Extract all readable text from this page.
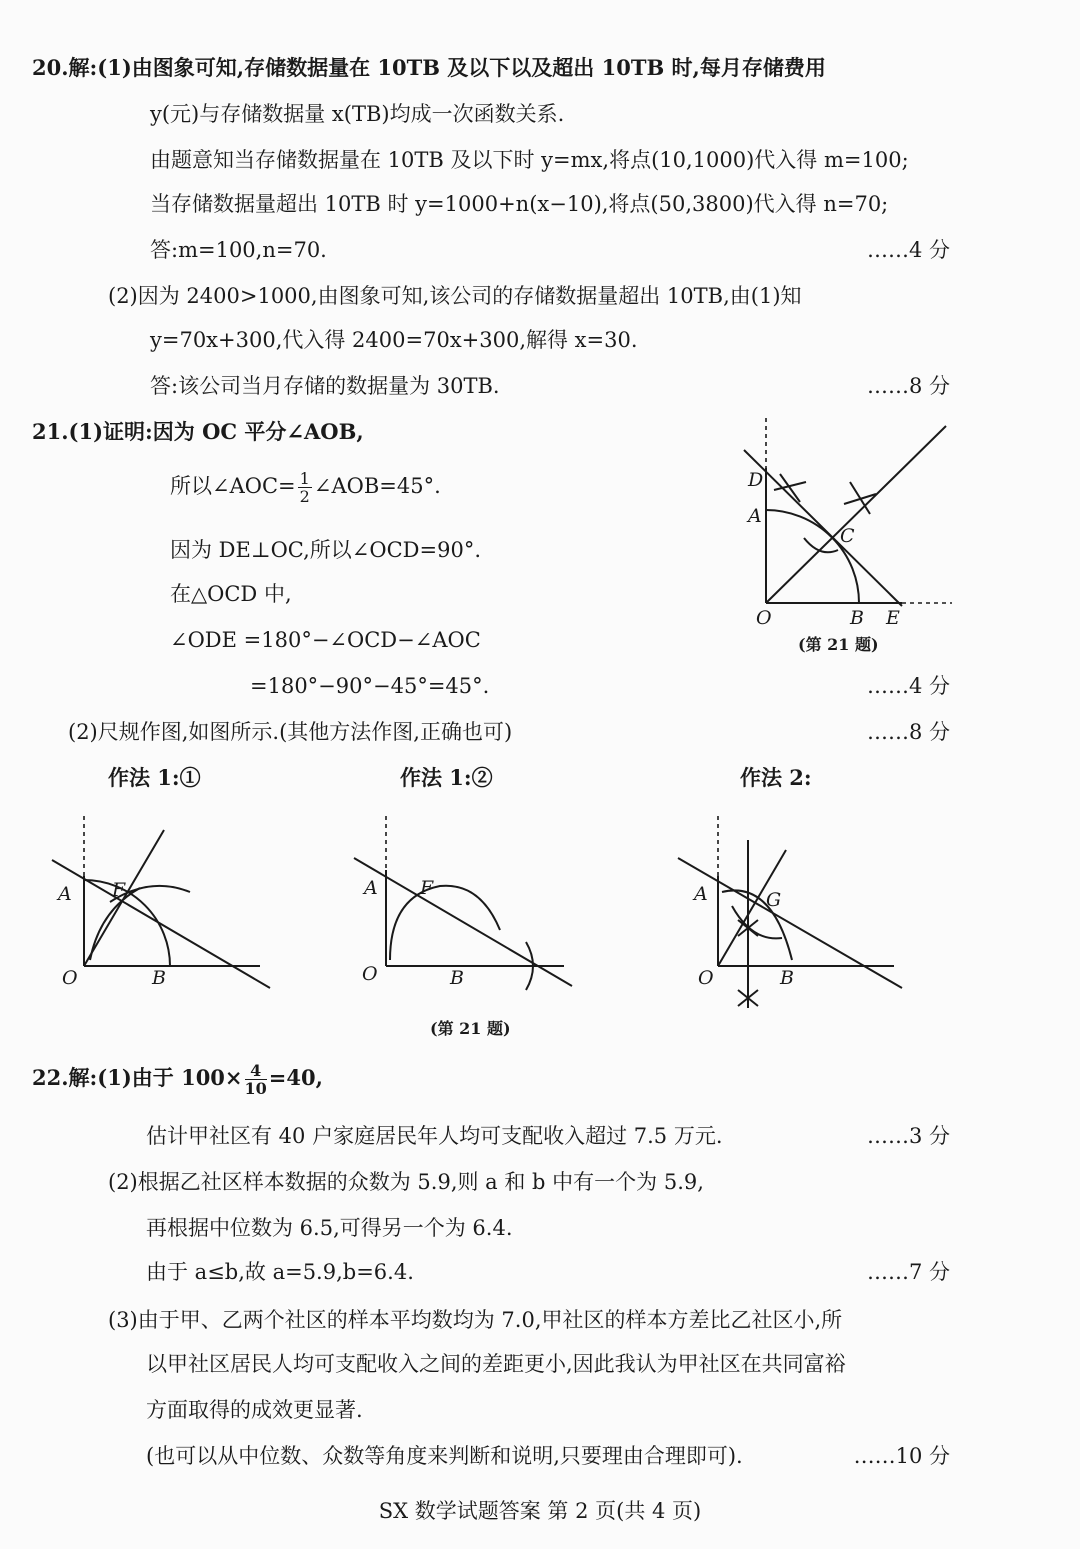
20.解:(1)由图象可知,存储数据量在 10TB 及以下以及超出 10TB 时,每月存储费用
y(元)与存储数据量 x(TB)均成一次函数关系.
由题意知当存储数据量在 10TB 及以下时 y=mx,将点(10,1000)代入得 m=100;
当存储数据量超出 10TB 时 y=1000+n(x−10),将点(50,3800)代入得 n=70;
答:m=100,n=70.	……4 分
(2)因为 2400>1000,由图象可知,该公司的存储数据量超出 10TB,由(1)知
y=70x+300,代入得 2400=70x+300,解得 x=30.
答:该公司当月存储的数据量为 30TB.	……8 分
21.(1)证明:因为 OC 平分∠AOB,
所以∠AOC= $\frac{1}{2}$ ∠AOB=45°.
因为 DE⊥OC,所以∠OCD=90°.
在△OCD 中,
∠ODE =180°−∠OCD−∠AOC
=180°−90°−45°=45°.	……4 分
(2)尺规作图,如图所示.(其他方法作图,正确也可)	……8 分
D
A
C
O	B E
(第 21 题)
作法 1:①	作法 1:②	作法 2:
A F
O	B
A F
O	B
(第 21 题)
A	G
O	B
22.解:(1)由于 $100\times \frac{4}{10} =40$,
估计甲社区有 40 户家庭居民年人均可支配收入超过 7.5 万元.	……3 分
(2)根据乙社区样本数据的众数为 5.9,则 a 和 b 中有一个为 5.9,
再根据中位数为 6.5,可得另一个为 6.4.
由于 a≤b,故 a=5.9,b=6.4.	……7 分
(3)由于甲、乙两个社区的样本平均数均为 7.0,甲社区的样本方差比乙社区小,所
以甲社区居民人均可支配收入之间的差距更小,因此我认为甲社区在共同富裕
方面取得的成效更显著.
(也可以从中位数、众数等角度来判断和说明,只要理由合理即可).	……10 分
SX 数学试题答案 第 2 页(共 4 页)
